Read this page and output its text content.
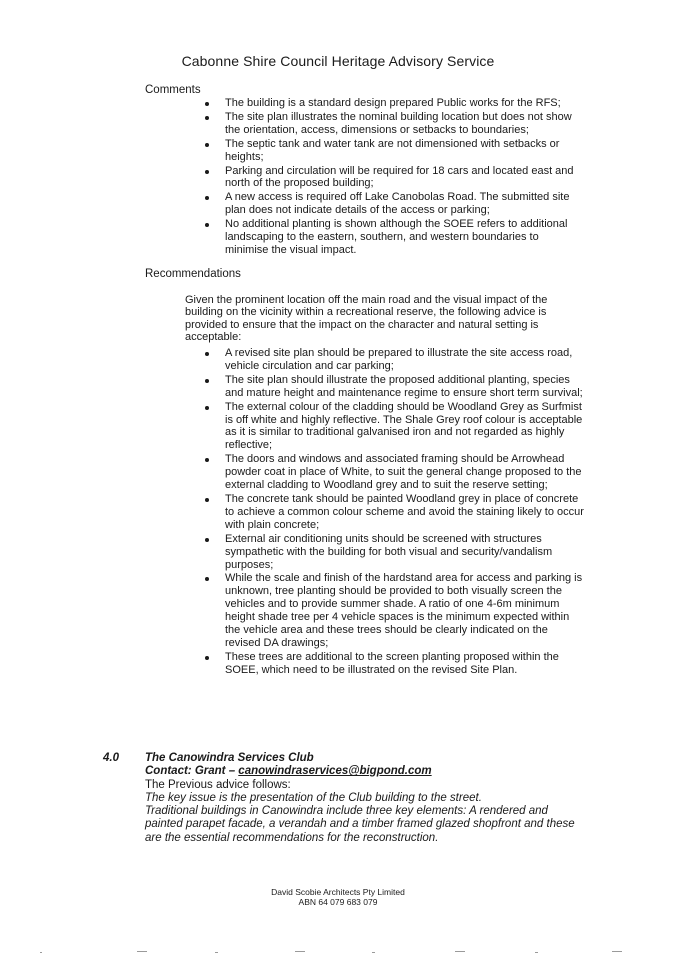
Cabonne Shire Council Heritage Advisory Service
Comments
The building is a standard design prepared Public works for the RFS;
The site plan illustrates the nominal building location but does not show the orientation, access, dimensions or setbacks to boundaries;
The septic tank and water tank are not dimensioned with setbacks or heights;
Parking and circulation will be required for 18 cars and located east and north of the proposed building;
A new access is required off Lake Canobolas Road. The submitted site plan does not indicate details of the access or parking;
No additional planting is shown although the SOEE refers to additional landscaping to the eastern, southern, and western boundaries to minimise the visual impact.
Recommendations

Given the prominent location off the main road and the visual impact of the building on the vicinity within a recreational reserve, the following advice is provided to ensure that the impact on the character and natural setting is acceptable:

A revised site plan should be prepared to illustrate the site access road, vehicle circulation and car parking;
The site plan should illustrate the proposed additional planting, species and mature height and maintenance regime to ensure short term survival;
The external colour of the cladding should be Woodland Grey as Surfmist is off white and highly reflective. The Shale Grey roof colour is acceptable as it is similar to traditional galvanised iron and not regarded as highly reflective;
The doors and windows and associated framing should be Arrowhead powder coat in place of White, to suit the general change proposed to the external cladding to Woodland grey and to suit the reserve setting;
The concrete tank should be painted Woodland grey in place of concrete to achieve a common colour scheme and avoid the staining likely to occur with plain concrete;
External air conditioning units should be screened with structures sympathetic with the building for both visual and security/vandalism purposes;
While the scale and finish of the hardstand area for access and parking is unknown, tree planting should be provided to both visually screen the vehicles and to provide summer shade. A ratio of one 4-6m minimum height shade tree per 4 vehicle spaces is the minimum expected within the vehicle area and these trees should be clearly indicated on the revised DA drawings;
These trees are additional to the screen planting proposed within the SOEE, which need to be illustrated on the revised Site Plan.
4.0 The Canowindra Services Club
Contact: Grant – canowindraservices@bigpond.com
The Previous advice follows:
The key issue is the presentation of the Club building to the street.
Traditional buildings in Canowindra include three key elements: A rendered and painted parapet facade, a verandah and a timber framed glazed shopfront and these are the essential recommendations for the reconstruction.
David Scobie Architects Pty Limited
ABN 64 079 683 079
